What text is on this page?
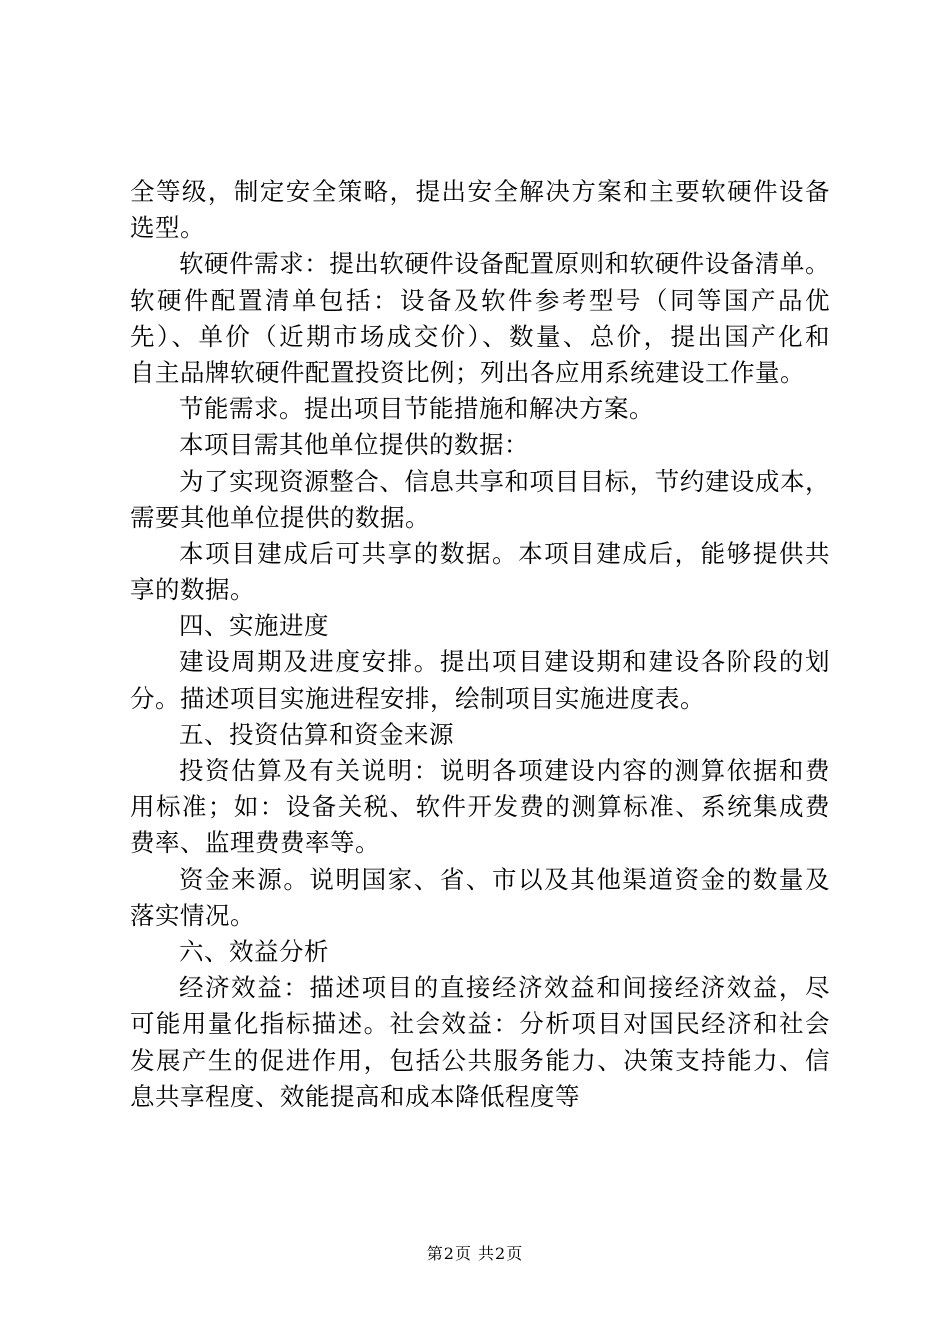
全等级，制定安全策略，提出安全解决方案和主要软硬件设备
选型。
软硬件需求：提出软硬件设备配置原则和软硬件设备清单。
软硬件配置清单包括：设备及软件参考型号（同等国产品优
先）、单价（近期市场成交价）、数量、总价，提出国产化和
自主品牌软硬件配置投资比例；列出各应用系统建设工作量。
节能需求。提出项目节能措施和解决方案。
本项目需其他单位提供的数据：
为了实现资源整合、信息共享和项目目标，节约建设成本，
需要其他单位提供的数据。
本项目建成后可共享的数据。本项目建成后，能够提供共
享的数据。
四、实施进度
建设周期及进度安排。提出项目建设期和建设各阶段的划
分。描述项目实施进程安排，绘制项目实施进度表。
五、投资估算和资金来源
投资估算及有关说明：说明各项建设内容的测算依据和费
用标准；如：设备关税、软件开发费的测算标准、系统集成费
费率、监理费费率等。
资金来源。说明国家、省、市以及其他渠道资金的数量及
落实情况。
六、效益分析
经济效益：描述项目的直接经济效益和间接经济效益，尽
可能用量化指标描述。社会效益：分析项目对国民经济和社会
发展产生的促进作用，包括公共服务能力、决策支持能力、信
息共享程度、效能提高和成本降低程度等
第2页 共2页
